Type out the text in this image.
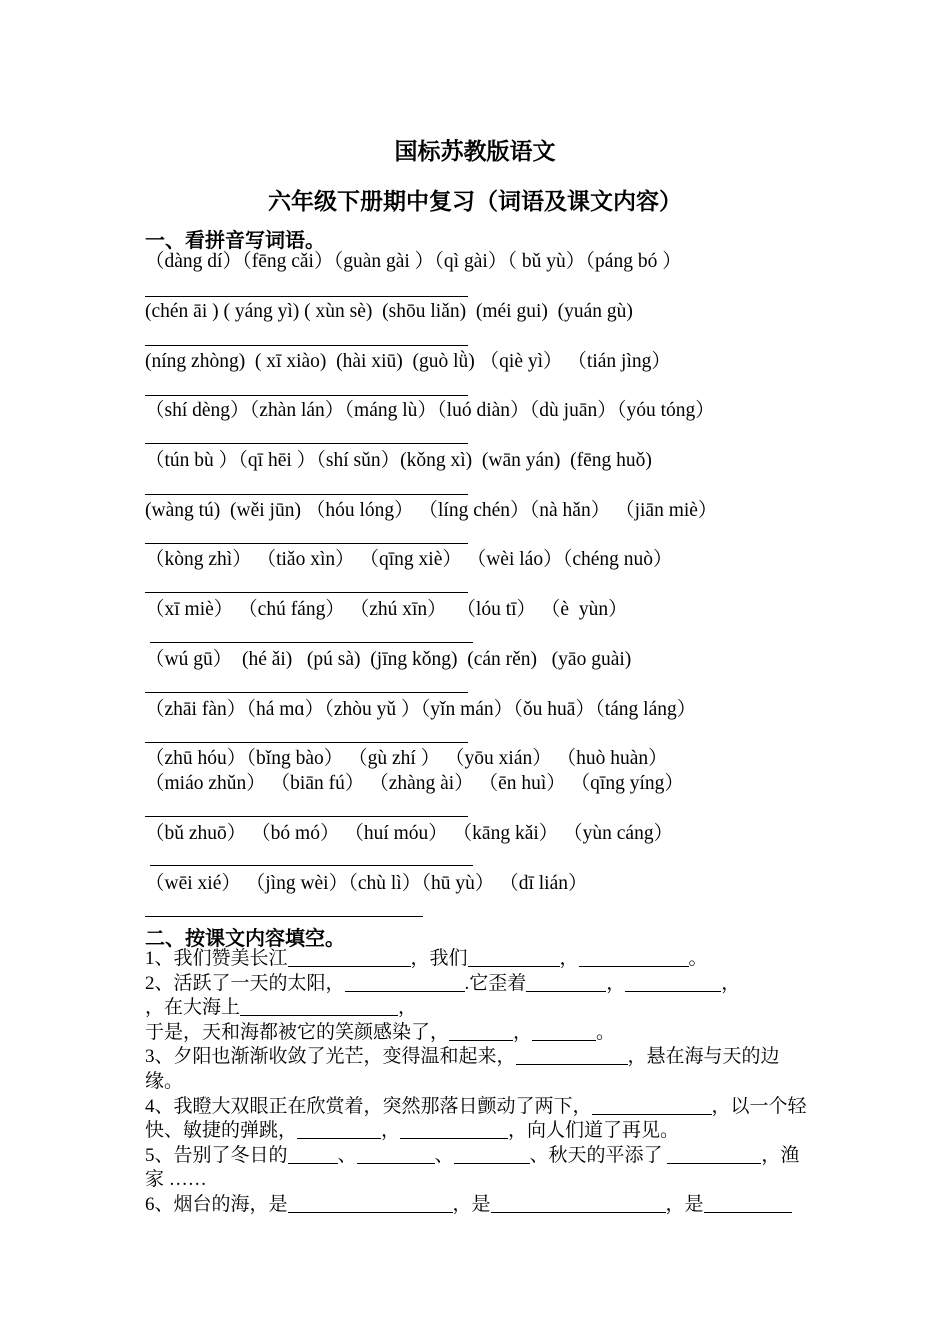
国标苏教版语文
六年级下册期中复习（词语及课文内容）
一、看拼音写词语。
（dàng dí）（fēng cǎi）（guàn gài ）（qì gài）（ bǔ yù）（páng bó ）
(chén āi ) ( yáng yì) ( xùn sè)  (shōu liǎn)  (méi gui)  (yuán gù)
(níng zhòng)  ( xī xiào)  (hài xiū)  (guò lǜ) （qiè yì） （tián jìng）
（shí dèng）（zhàn lán）（máng lù）（luó diàn）（dù juān）（yóu tóng）
（tún bù ）（qī hēi ）（shí sǔn）(kǒng xì)  (wān yán)  (fēng huǒ)
(wàng tú)  (wěi jūn) （hóu lóng） （líng chén）（nà hǎn） （jiān miè）
（kòng zhì） （tiǎo xìn） （qīng xiè） （wèi láo）（chéng nuò）
（xī miè） （chú fáng） （zhú xīn）  （lóu tī） （è  yùn）
（wú gū）  (hé ǎi)   (pú sà)  (jīng kǒng)  (cán rěn)   (yāo guài)
（zhāi fàn）（há mɑ）（zhòu yǔ ）（yǐn mán）（ǒu huā）（táng láng）
（zhū hóu）（bǐng bào） （gù zhí ） （yōu xián） （huò huàn）
（miáo zhǔn） （biān fú） （zhàng ài） （ēn huì） （qīng yíng）
（bǔ zhuō） （bó mó） （huí móu） （kāng kǎi） （yùn cáng）
（wēi xié） （jìng wèi）（chù lì）（hū yù） （dī lián）
二、按课文内容填空。

1、我们赞美长江	，我们	，	。

2、活跃了一天的太阳，	.它歪着	，	，

，在大海上	，

于是，天和海都被它的笑颜感染了，	，	。

3、夕阳也渐渐收敛了光芒，变得温和起来，	，悬在海与天的边缘。

4、我瞪大双眼正在欣赏着，突然那落日颤动了两下，	，以一个轻快、敏捷的弹跳，	，	，向人们道了再见。

5、告别了冬日的	、	、	、秋天的平添了	，渔家 ……

6、烟台的海，是	，是	，是
